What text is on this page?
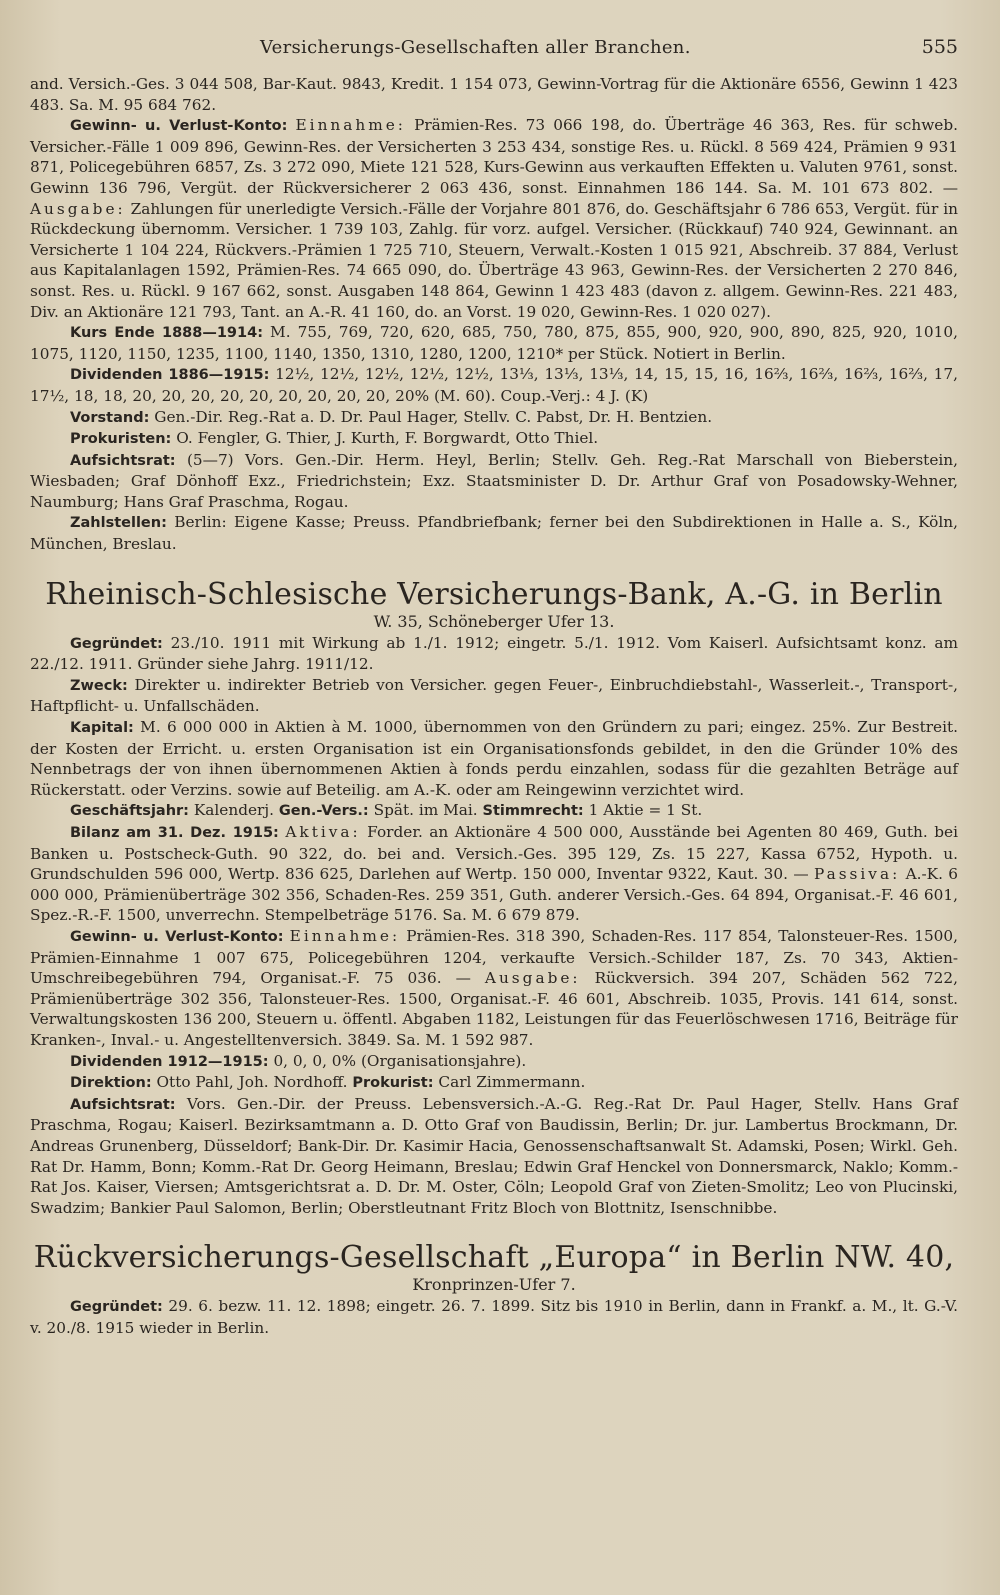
Versicherungs-Gesellschaften aller Branchen.	555

and. Versich.-Ges. 3 044 508, Bar-Kaut. 9843, Kredit. 1 154 073, Gewinn-Vortrag für die Aktionäre 6556, Gewinn 1 423 483. Sa. M. 95 684 762.

Gewinn- u. Verlust-Konto: Einnahme: Prämien-Res. 73 066 198, do. Überträge 46 363, Res. für schweb. Versicher.-Fälle 1 009 896, Gewinn-Res. der Versicherten 3 253 434, sonstige Res. u. Rückl. 8 569 424, Prämien 9 931 871, Policegebühren 6857, Zs. 3 272 090, Miete 121 528, Kurs-Gewinn aus verkauften Effekten u. Valuten 9761, sonst. Gewinn 136 796, Vergüt. der Rückversicherer 2 063 436, sonst. Einnahmen 186 144. Sa. M. 101 673 802. — Ausgabe: Zahlungen für unerledigte Versich.-Fälle der Vorjahre 801 876, do. Geschäftsjahr 6 786 653, Vergüt. für in Rückdeckung übernomm. Versicher. 1 739 103, Zahlg. für vorz. aufgel. Versicher. (Rückkauf) 740 924, Gewinnant. an Versicherte 1 104 224, Rückvers.-Prämien 1 725 710, Steuern, Verwalt.-Kosten 1 015 921, Abschreib. 37 884, Verlust aus Kapitalanlagen 1592, Prämien-Res. 74 665 090, do. Überträge 43 963, Gewinn-Res. der Versicherten 2 270 846, sonst. Res. u. Rückl. 9 167 662, sonst. Ausgaben 148 864, Gewinn 1 423 483 (davon z. allgem. Gewinn-Res. 221 483, Div. an Aktionäre 121 793, Tant. an A.-R. 41 160, do. an Vorst. 19 020, Gewinn-Res. 1 020 027).

Kurs Ende 1888—1914: M. 755, 769, 720, 620, 685, 750, 780, 875, 855, 900, 920, 900, 890, 825, 920, 1010, 1075, 1120, 1150, 1235, 1100, 1140, 1350, 1310, 1280, 1200, 1210* per Stück. Notiert in Berlin.

Dividenden 1886—1915: 12½, 12½, 12½, 12½, 12½, 13⅓, 13⅓, 13⅓, 14, 15, 15, 16, 16⅔, 16⅔, 16⅔, 16⅔, 17, 17½, 18, 18, 20, 20, 20, 20, 20, 20, 20, 20, 20, 20% (M. 60). Coup.-Verj.: 4 J. (K)

Vorstand: Gen.-Dir. Reg.-Rat a. D. Dr. Paul Hager, Stellv. C. Pabst, Dr. H. Bentzien.

Prokuristen: O. Fengler, G. Thier, J. Kurth, F. Borgwardt, Otto Thiel.

Aufsichtsrat: (5—7) Vors. Gen.-Dir. Herm. Heyl, Berlin; Stellv. Geh. Reg.-Rat Marschall von Bieberstein, Wiesbaden; Graf Dönhoff Exz., Friedrichstein; Exz. Staatsminister D. Dr. Arthur Graf von Posadowsky-Wehner, Naumburg; Hans Graf Praschma, Rogau.

Zahlstellen: Berlin: Eigene Kasse; Preuss. Pfandbriefbank; ferner bei den Subdirektionen in Halle a. S., Köln, München, Breslau.

Rheinisch-Schlesische Versicherungs-Bank, A.-G. in Berlin
W. 35, Schöneberger Ufer 13.

Gegründet: 23./10. 1911 mit Wirkung ab 1./1. 1912; eingetr. 5./1. 1912. Vom Kaiserl. Aufsichtsamt konz. am 22./12. 1911. Gründer siehe Jahrg. 1911/12.

Zweck: Direkter u. indirekter Betrieb von Versicher. gegen Feuer-, Einbruchdiebstahl-, Wasserleit.-, Transport-, Haftpflicht- u. Unfallschäden.

Kapital: M. 6 000 000 in Aktien à M. 1000, übernommen von den Gründern zu pari; eingez. 25%. Zur Bestreit. der Kosten der Erricht. u. ersten Organisation ist ein Organisationsfonds gebildet, in den die Gründer 10% des Nennbetrags der von ihnen übernommenen Aktien à fonds perdu einzahlen, sodass für die gezahlten Beträge auf Rückerstatt. oder Verzins. sowie auf Beteilig. am A.-K. oder am Reingewinn verzichtet wird.

Geschäftsjahr: Kalenderj. Gen.-Vers.: Spät. im Mai. Stimmrecht: 1 Aktie = 1 St.

Bilanz am 31. Dez. 1915: Aktiva: Forder. an Aktionäre 4 500 000, Ausstände bei Agenten 80 469, Guth. bei Banken u. Postscheck-Guth. 90 322, do. bei and. Versich.-Ges. 395 129, Zs. 15 227, Kassa 6752, Hypoth. u. Grundschulden 596 000, Wertp. 836 625, Darlehen auf Wertp. 150 000, Inventar 9322, Kaut. 30. — Passiva: A.-K. 6 000 000, Prämienüberträge 302 356, Schaden-Res. 259 351, Guth. anderer Versich.-Ges. 64 894, Organisat.-F. 46 601, Spez.-R.-F. 1500, unverrechn. Stempelbeträge 5176. Sa. M. 6 679 879.

Gewinn- u. Verlust-Konto: Einnahme: Prämien-Res. 318 390, Schaden-Res. 117 854, Talonsteuer-Res. 1500, Prämien-Einnahme 1 007 675, Policegebühren 1204, verkaufte Versich.-Schilder 187, Zs. 70 343, Aktien-Umschreibegebühren 794, Organisat.-F. 75 036. — Ausgabe: Rückversich. 394 207, Schäden 562 722, Prämienüberträge 302 356, Talonsteuer-Res. 1500, Organisat.-F. 46 601, Abschreib. 1035, Provis. 141 614, sonst. Verwaltungskosten 136 200, Steuern u. öffentl. Abgaben 1182, Leistungen für das Feuerlöschwesen 1716, Beiträge für Kranken-, Inval.- u. Angestelltenversich. 3849. Sa. M. 1 592 987.

Dividenden 1912—1915: 0, 0, 0, 0% (Organisationsjahre).

Direktion: Otto Pahl, Joh. Nordhoff. Prokurist: Carl Zimmermann.

Aufsichtsrat: Vors. Gen.-Dir. der Preuss. Lebensversich.-A.-G. Reg.-Rat Dr. Paul Hager, Stellv. Hans Graf Praschma, Rogau; Kaiserl. Bezirksamtmann a. D. Otto Graf von Baudissin, Berlin; Dr. jur. Lambertus Brockmann, Dr. Andreas Grunenberg, Düsseldorf; Bank-Dir. Dr. Kasimir Hacia, Genossenschaftsanwalt St. Adamski, Posen; Wirkl. Geh. Rat Dr. Hamm, Bonn; Komm.-Rat Dr. Georg Heimann, Breslau; Edwin Graf Henckel von Donnersmarck, Naklo; Komm.-Rat Jos. Kaiser, Viersen; Amtsgerichtsrat a. D. Dr. M. Oster, Cöln; Leopold Graf von Zieten-Smolitz; Leo von Plucinski, Swadzim; Bankier Paul Salomon, Berlin; Oberstleutnant Fritz Bloch von Blottnitz, Isenschnibbe.

Rückversicherungs-Gesellschaft „Europa“ in Berlin NW. 40,
Kronprinzen-Ufer 7.

Gegründet: 29. 6. bezw. 11. 12. 1898; eingetr. 26. 7. 1899. Sitz bis 1910 in Berlin, dann in Frankf. a. M., lt. G.-V. v. 20./8. 1915 wieder in Berlin.
